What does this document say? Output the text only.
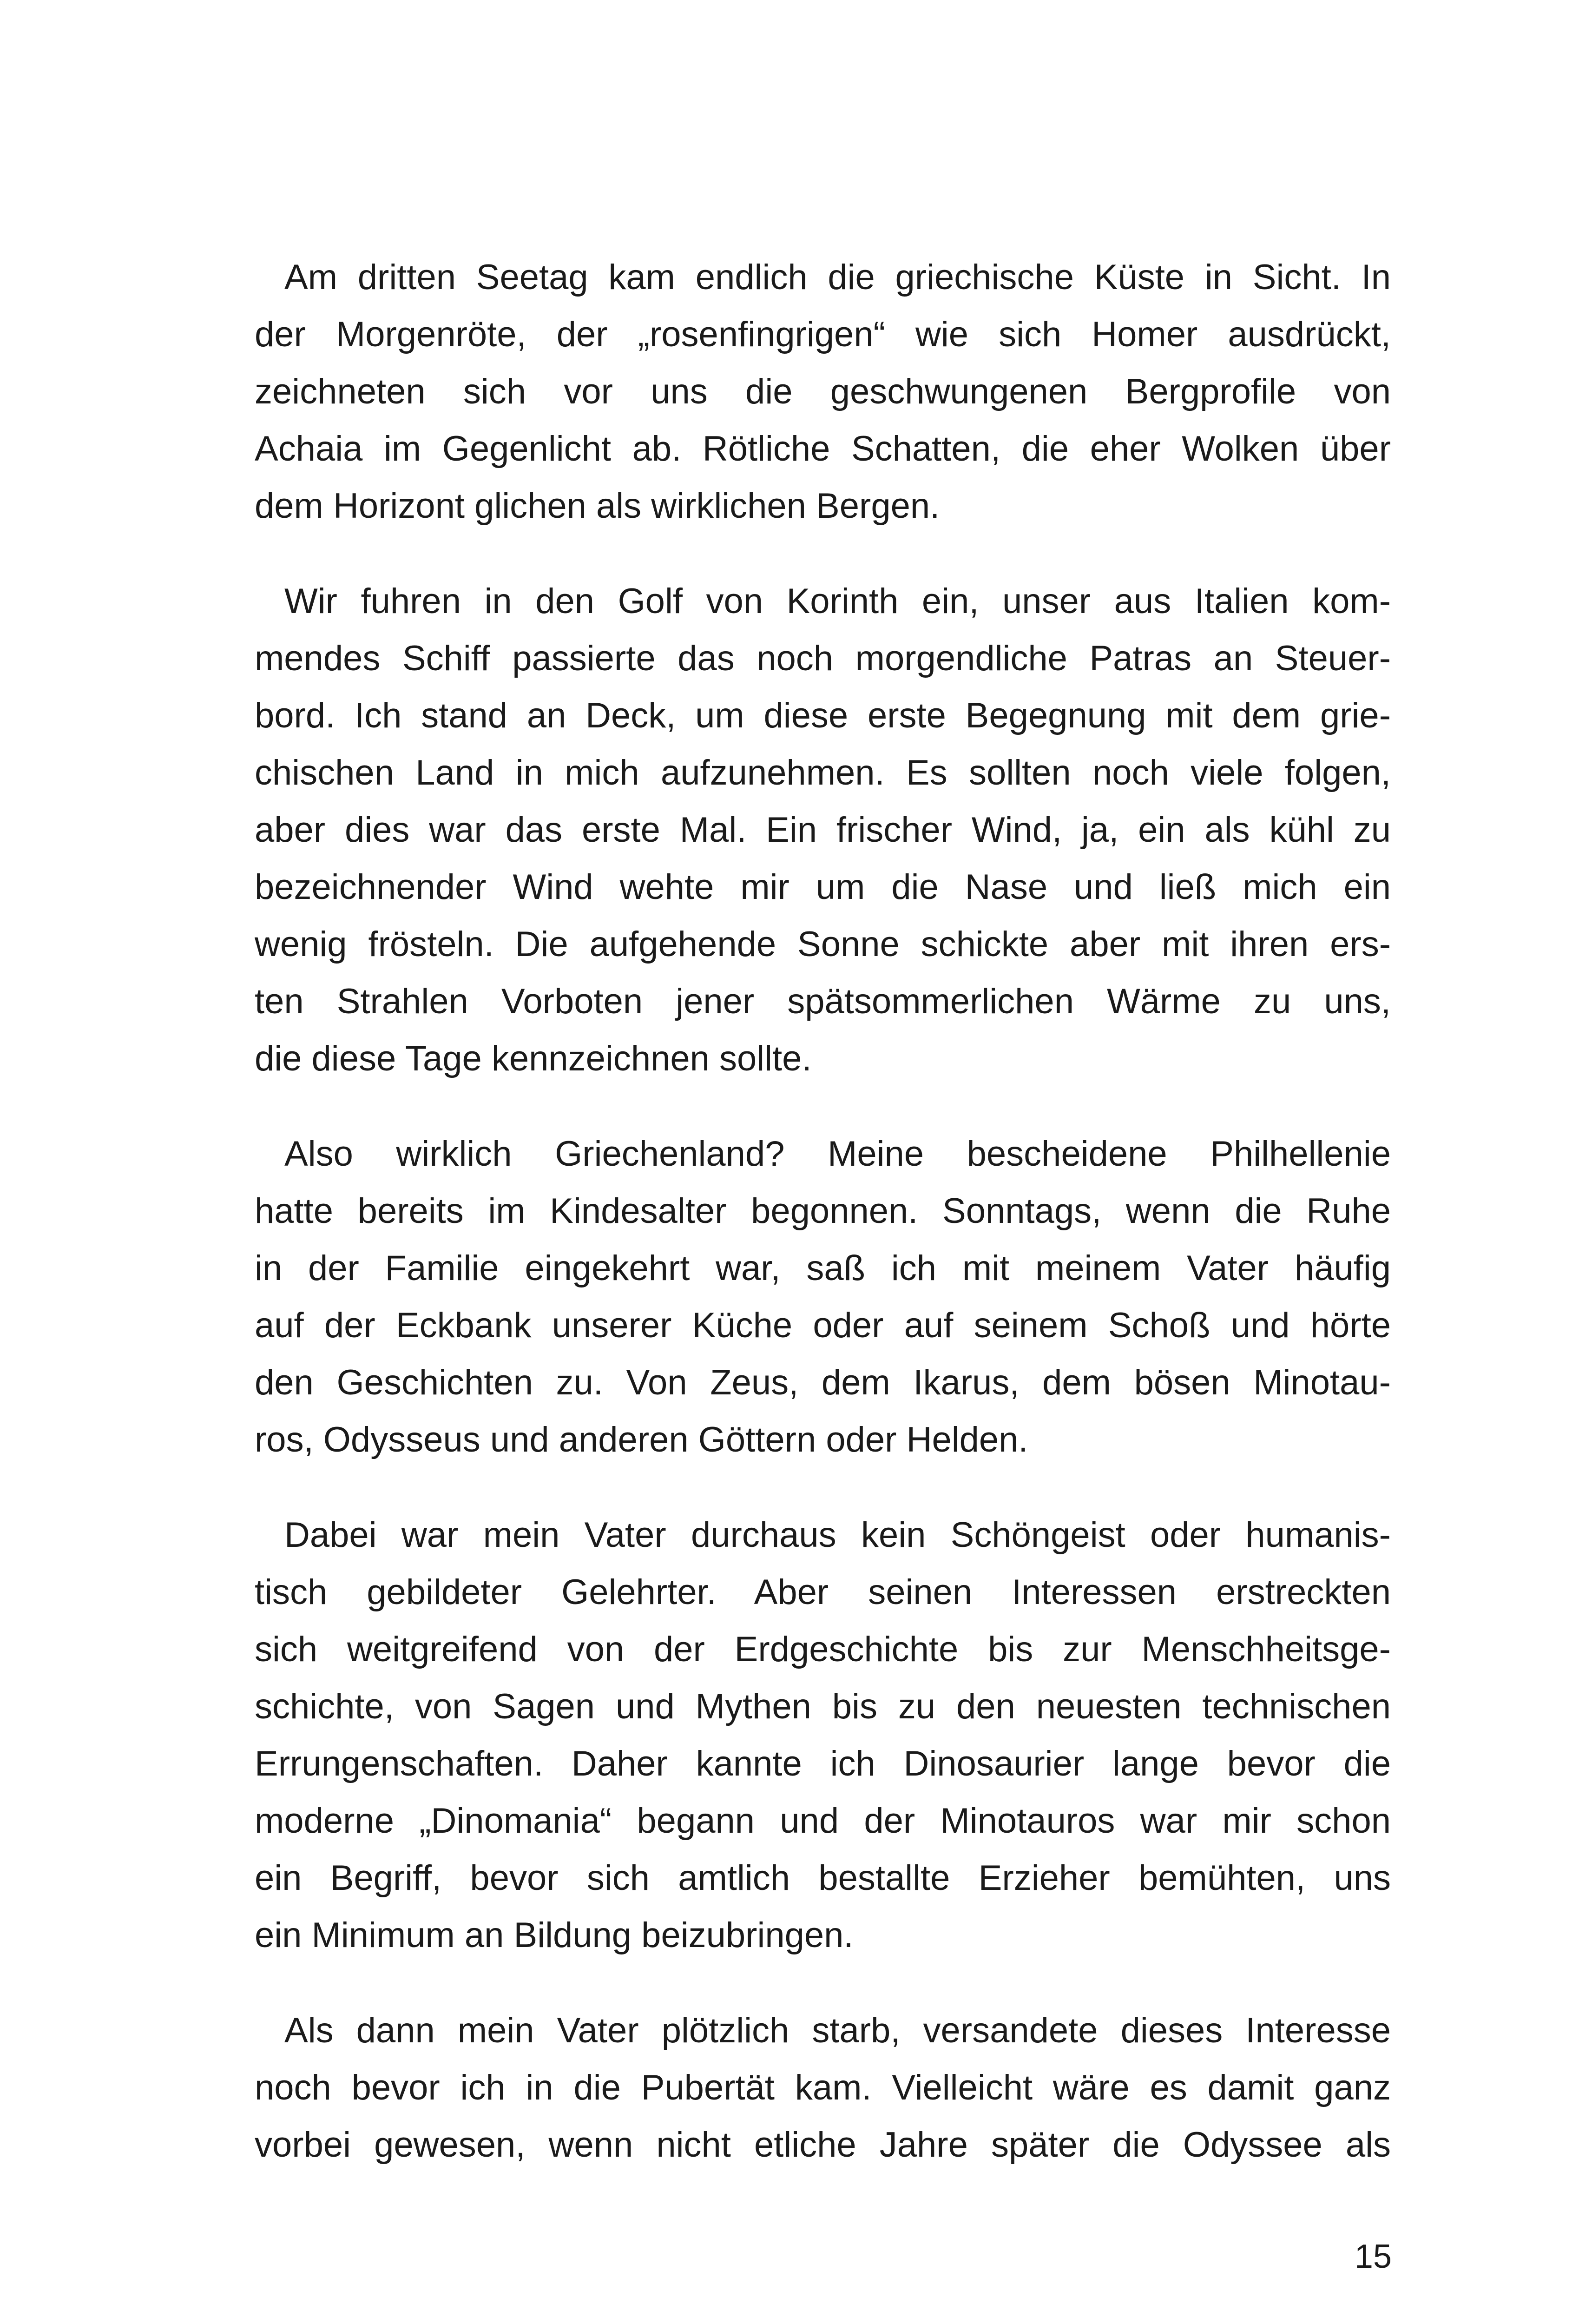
Am dritten Seetag kam endlich die griechische Küste in Sicht. In
der Morgenröte, der „rosenfingrigen“ wie sich Homer ausdrückt,
zeichneten sich vor uns die geschwungenen Bergprofile von
Achaia im Gegenlicht ab. Rötliche Schatten, die eher Wolken über
dem Horizont glichen als wirklichen Bergen.

Wir fuhren in den Golf von Korinth ein, unser aus Italien kom-
mendes Schiff passierte das noch morgendliche Patras an Steuer-
bord. Ich stand an Deck, um diese erste Begegnung mit dem grie-
chischen Land in mich aufzunehmen. Es sollten noch viele folgen,
aber dies war das erste Mal. Ein frischer Wind, ja, ein als kühl zu
bezeichnender Wind wehte mir um die Nase und ließ mich ein
wenig frösteln. Die aufgehende Sonne schickte aber mit ihren ers-
ten Strahlen Vorboten jener spätsommerlichen Wärme zu uns,
die diese Tage kennzeichnen sollte.

Also wirklich Griechenland? Meine bescheidene Philhellenie
hatte bereits im Kindesalter begonnen. Sonntags, wenn die Ruhe
in der Familie eingekehrt war, saß ich mit meinem Vater häufig
auf der Eckbank unserer Küche oder auf seinem Schoß und hörte
den Geschichten zu. Von Zeus, dem Ikarus, dem bösen Minotau-
ros, Odysseus und anderen Göttern oder Helden.

Dabei war mein Vater durchaus kein Schöngeist oder humanis-
tisch gebildeter Gelehrter. Aber seinen Interessen erstreckten
sich weitgreifend von der Erdgeschichte bis zur Menschheitsge-
schichte, von Sagen und Mythen bis zu den neuesten technischen
Errungenschaften. Daher kannte ich Dinosaurier lange bevor die
moderne „Dinomania“ begann und der Minotauros war mir schon
ein Begriff, bevor sich amtlich bestallte Erzieher bemühten, uns
ein Minimum an Bildung beizubringen.

Als dann mein Vater plötzlich starb, versandete dieses Interesse
noch bevor ich in die Pubertät kam. Vielleicht wäre es damit ganz
vorbei gewesen, wenn nicht etliche Jahre später die Odyssee als

15
